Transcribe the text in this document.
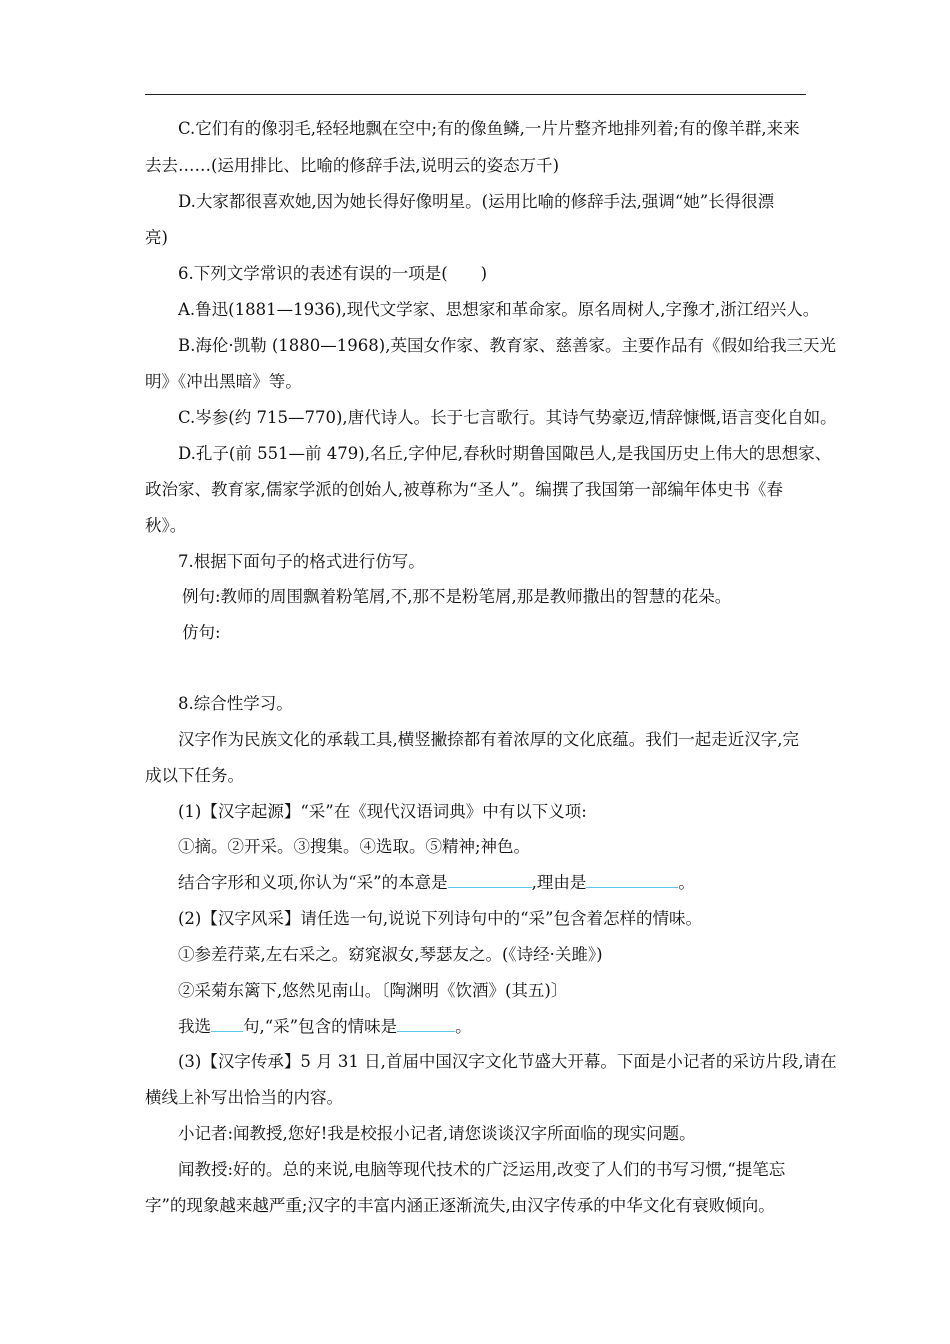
C.它们有的像羽毛,轻轻地飘在空中;有的像鱼鳞,一片片整齐地排列着;有的像羊群,来来
去去……(运用排比、比喻的修辞手法,说明云的姿态万千)
D.大家都很喜欢她,因为她长得好像明星。(运用比喻的修辞手法,强调“她”长得很漂
亮)
6.下列文学常识的表述有误的一项是(　　)
A.鲁迅(1881—1936),现代文学家、思想家和革命家。原名周树人,字豫才,浙江绍兴人。
B.海伦·凯勒 (1880—1968),英国女作家、教育家、慈善家。主要作品有《假如给我三天光
明》《冲出黑暗》等。
C.岑参(约 715—770),唐代诗人。长于七言歌行。其诗气势豪迈,情辞慷慨,语言变化自如。
D.孔子(前 551—前 479),名丘,字仲尼,春秋时期鲁国陬邑人,是我国历史上伟大的思想家、
政治家、教育家,儒家学派的创始人,被尊称为“圣人”。编撰了我国第一部编年体史书《春
秋》。
7.根据下面句子的格式进行仿写。
例句:教师的周围飘着粉笔屑,不,那不是粉笔屑,那是教师撒出的智慧的花朵。
仿句:
8.综合性学习。
汉字作为民族文化的承载工具,横竖撇捺都有着浓厚的文化底蕴。我们一起走近汉字,完
成以下任务。
(1)【汉字起源】“采”在《现代汉语词典》中有以下义项:
①摘。②开采。③搜集。④选取。⑤精神;神色。
结合字形和义项,你认为“采”的本意是	,理由是	。
(2)【汉字风采】请任选一句,说说下列诗句中的“采”包含着怎样的情味。
①参差荇菜,左右采之。窈窕淑女,琴瑟友之。(《诗经·关雎》)
②采菊东篱下,悠然见南山。〔陶渊明《饮酒》(其五)〕
我选 句,“采”包含的情味是	。
(3)【汉字传承】5 月 31 日,首届中国汉字文化节盛大开幕。下面是小记者的采访片段,请在
横线上补写出恰当的内容。
小记者:闻教授,您好!我是校报小记者,请您谈谈汉字所面临的现实问题。
闻教授:好的。总的来说,电脑等现代技术的广泛运用,改变了人们的书写习惯,“提笔忘
字”的现象越来越严重;汉字的丰富内涵正逐渐流失,由汉字传承的中华文化有衰败倾向。
